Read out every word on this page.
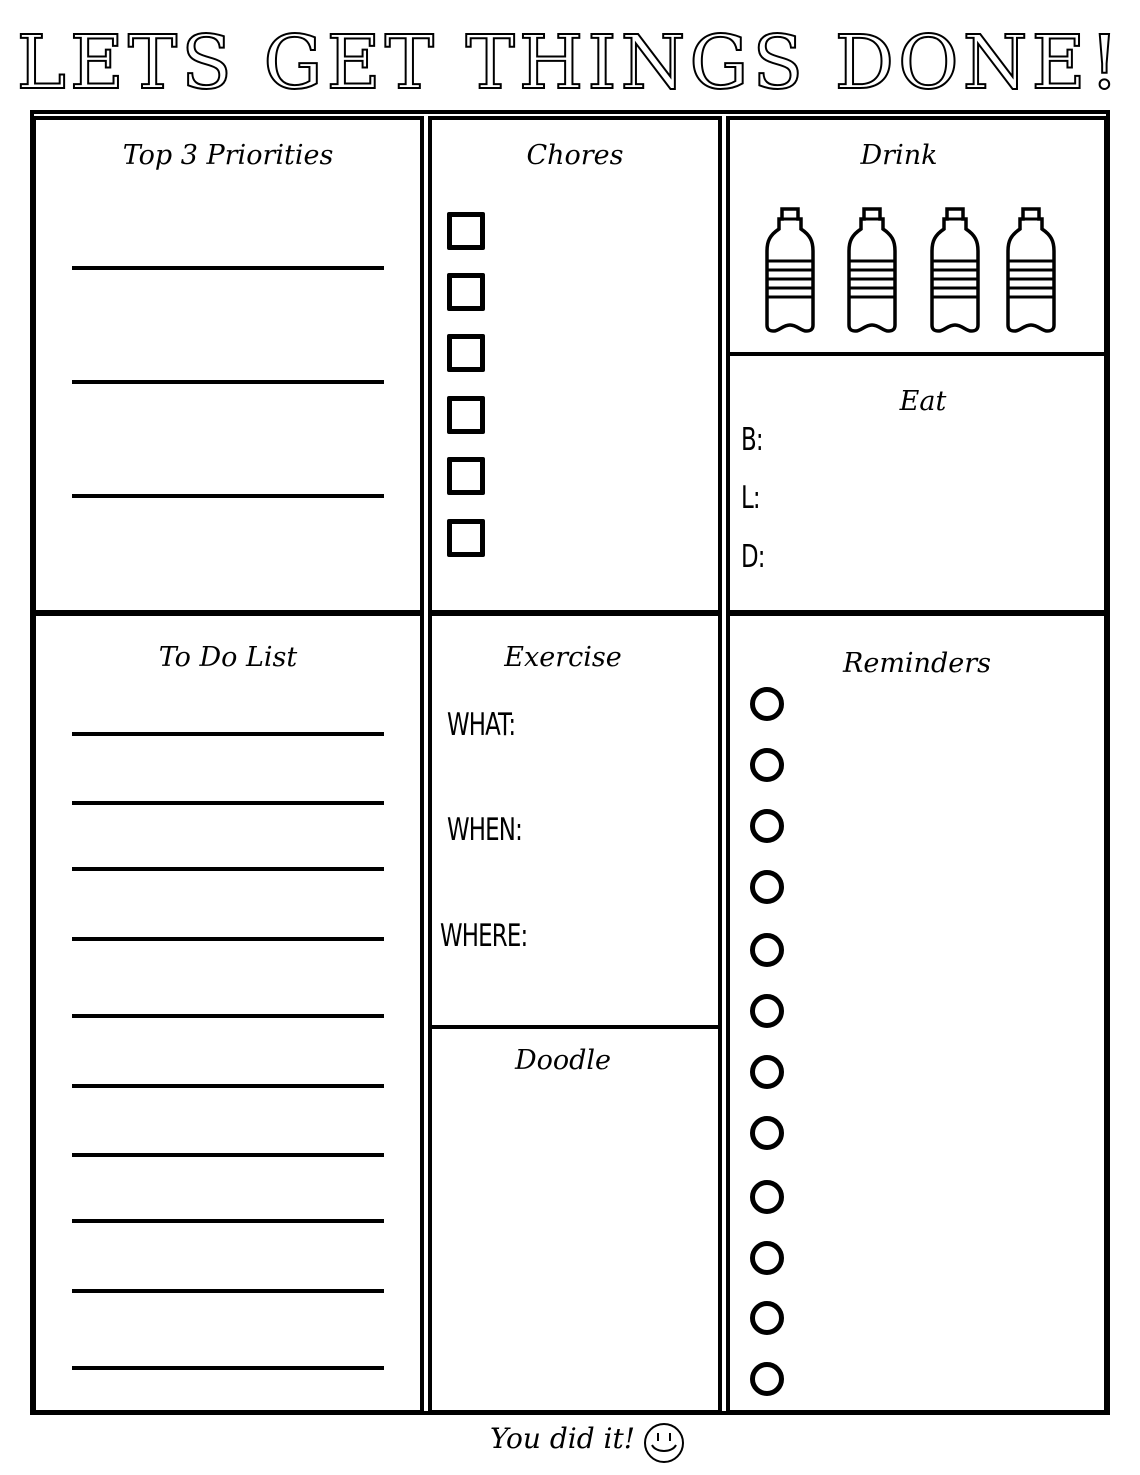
LETS GET THINGS DONE!
Top 3 Priorities	Chores	Drink
Eat
B:
L:
D:
To Do List	Exercise
WHAT:
WHEN:
WHERE:
Doodle
Reminders
You did it!
